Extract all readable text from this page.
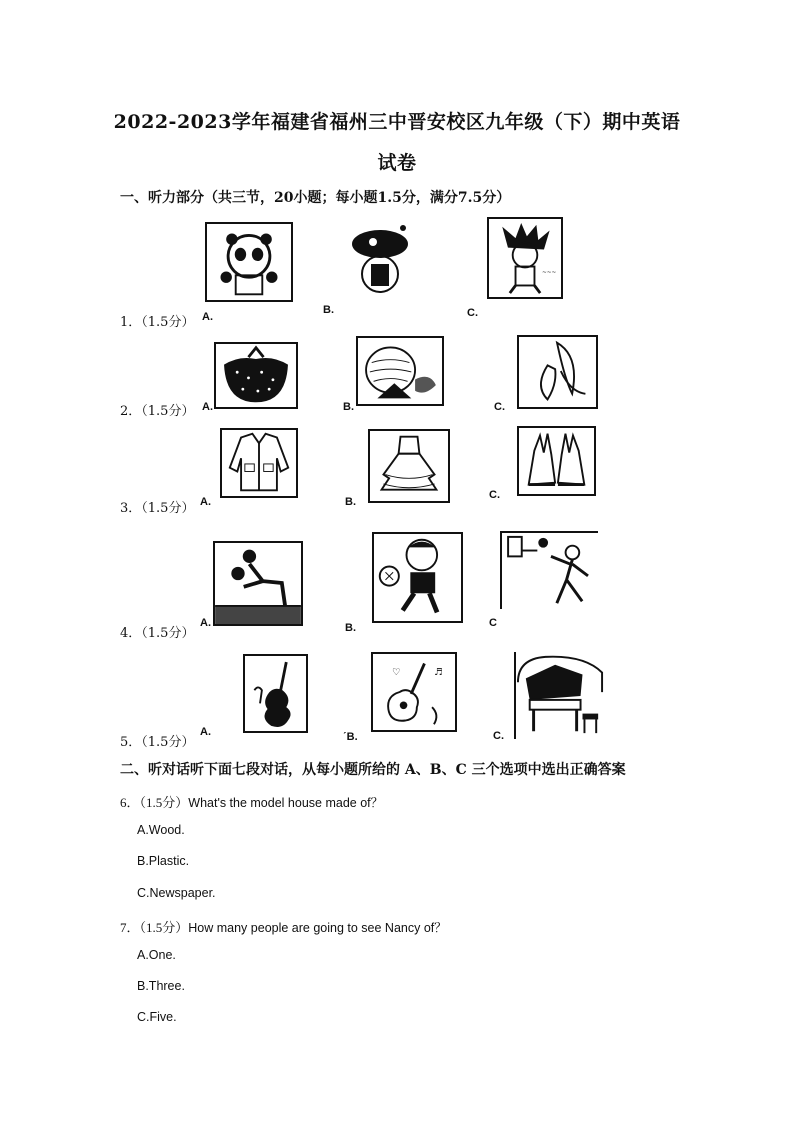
2022-2023学年福建省福州三中晋安校区九年级（下）期中英语
试卷
一、听力部分（共三节，20小题；每小题1.5分，满分7.5分）
1．（1.5分） A.
B.
~~~
C.
2．（1.5分） A.	B.	C.
3．（1.5分） A.	B.
C.
4．（1.5分）
A.	B.	C
5．（1.5分）
A.
♬
♡
ˊB.	C.
二、听对话听下面七段对话，从每小题所给的 A、B、C 三个选项中选出正确答案
6．（1.5分）What's the model house made of？
A.Wood.
B.Plastic.
C.Newspaper.
7．（1.5分）How many people are going to see Nancy of？
A.One.
B.Three.
C.Five.
